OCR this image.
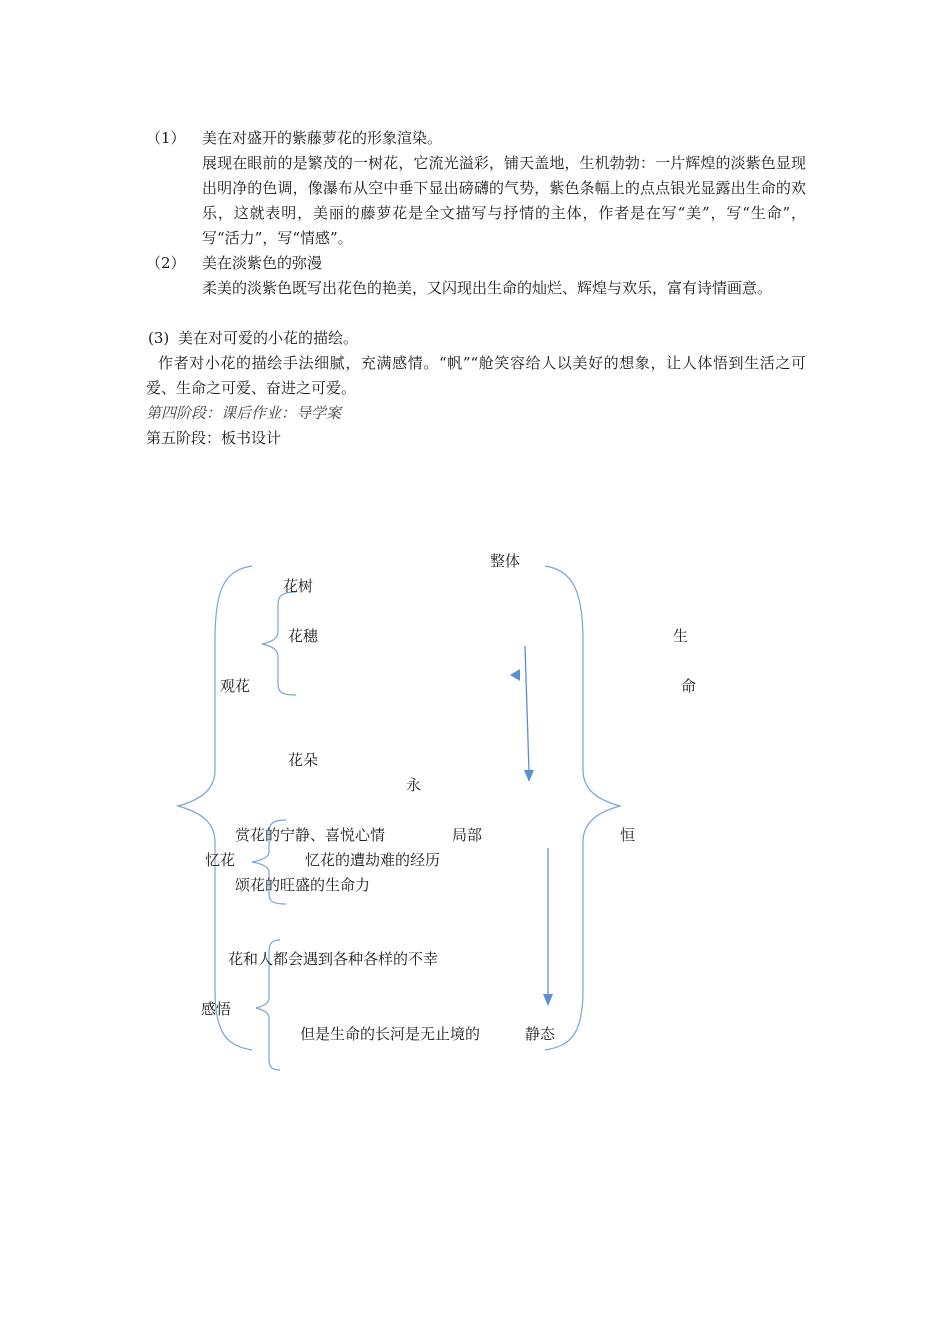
（1） 美在对盛开的紫藤萝花的形象渲染。
展现在眼前的是繁茂的一树花，它流光溢彩，铺天盖地，生机勃勃：一片辉煌的淡紫色显现出明净的色调，像瀑布从空中垂下显出磅礴的气势，紫色条幅上的点点银光显露出生命的欢乐，这就表明，美丽的藤萝花是全文描写与抒情的主体，作者是在写“美”，写“生命”，写“活力”，写“情感”。
（2） 美在淡紫色的弥漫
柔美的淡紫色既写出花色的艳美，又闪现出生命的灿烂、辉煌与欢乐，富有诗情画意。
(3) 美在对可爱的小花的描绘。
作者对小花的描绘手法细腻，充满感情。“帆”“舱笑容给人以美好的想象，让人体悟到生活之可爱、生命之可爱、奋进之可爱。
第四阶段：课后作业：导学案
第五阶段：板书设计
整体
花树
花穗	生
观花	命
花朵
永
赏花的宁静、喜悦心情	局部	恒
忆花	忆花的遭劫难的经历
颂花的旺盛的生命力
花和人都会遇到各种各样的不幸
感悟
但是生命的长河是无止境的	静态
